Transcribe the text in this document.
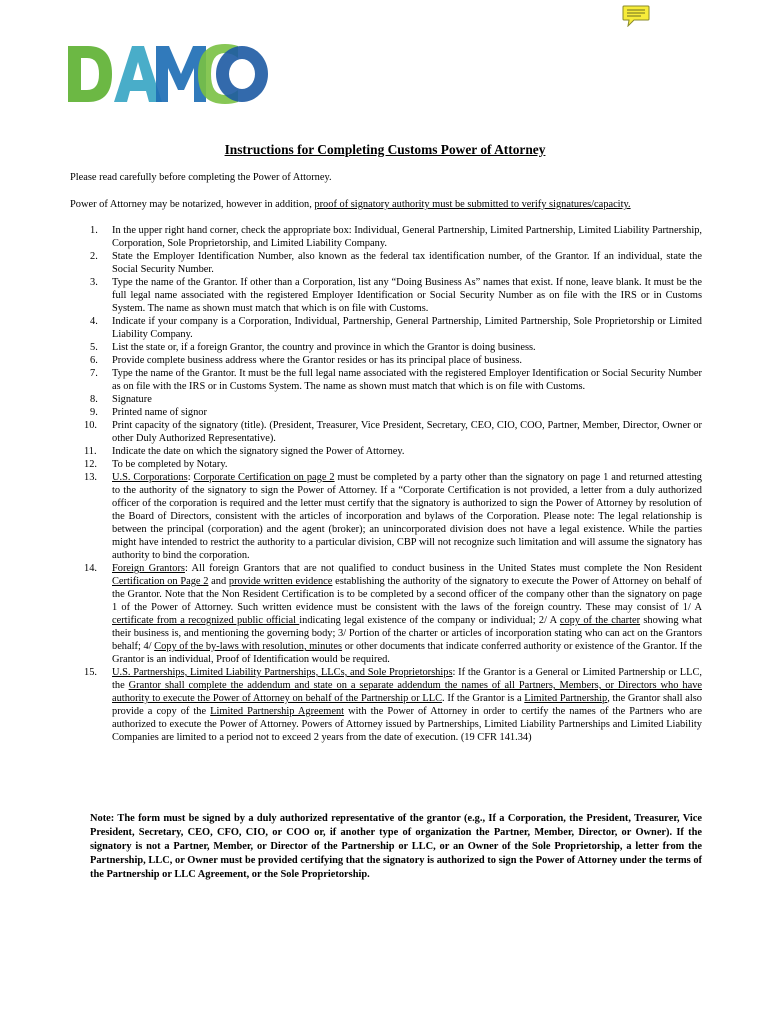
Instructions for Completing Customs Power of Attorney

Please read carefully before completing the Power of Attorney.

Power of Attorney may be notarized, however in addition, proof of signatory authority must be submitted to verify signatures/capacity.

1. In the upper right hand corner, check the appropriate box: Individual, General Partnership, Limited Partnership, Limited Liability Partnership, Corporation, Sole Proprietorship, and Limited Liability Company.
2. State the Employer Identification Number, also known as the federal tax identification number, of the Grantor. If an individual, state the Social Security Number.
3. Type the name of the Grantor. If other than a Corporation, list any “Doing Business As” names that exist. If none, leave blank. It must be the full legal name associated with the registered Employer Identification or Social Security Number as on file with the IRS or in Customs System. The name as shown must match that which is on file with Customs.
4. Indicate if your company is a Corporation, Individual, Partnership, General Partnership, Limited Partnership, Sole Proprietorship or Limited Liability Company.
5. List the state or, if a foreign Grantor, the country and province in which the Grantor is doing business.
6. Provide complete business address where the Grantor resides or has its principal place of business.
7. Type the name of the Grantor. It must be the full legal name associated with the registered Employer Identification or Social Security Number as on file with the IRS or in Customs System. The name as shown must match that which is on file with Customs.
8. Signature
9. Printed name of signor
10. Print capacity of the signatory (title). (President, Treasurer, Vice President, Secretary, CEO, CIO, COO, Partner, Member, Director, Owner or other Duly Authorized Representative).
11. Indicate the date on which the signatory signed the Power of Attorney.
12. To be completed by Notary.
13. U.S. Corporations: Corporate Certification on page 2 must be completed by a party other than the signatory on page 1 and returned attesting to the authority of the signatory to sign the Power of Attorney. If a “Corporate Certification is not provided, a letter from a duly authorized officer of the corporation is required and the letter must certify that the signatory is authorized to sign the Power of Attorney by resolution of the Board of Directors, consistent with the articles of incorporation and bylaws of the Corporation. Please note: The legal relationship is between the principal (corporation) and the agent (broker); an unincorporated division does not have a legal existence. While the parties might have intended to restrict the authority to a particular division, CBP will not recognize such limitation and will assume the signatory has authority to bind the corporation.
14. Foreign Grantors: All foreign Grantors that are not qualified to conduct business in the United States must complete the Non Resident Certification on Page 2 and provide written evidence establishing the authority of the signatory to execute the Power of Attorney on behalf of the Grantor. Note that the Non Resident Certification is to be completed by a second officer of the company other than the signatory on page 1 of the Power of Attorney. Such written evidence must be consistent with the laws of the foreign country. These may consist of 1/ A certificate from a recognized public official indicating legal existence of the company or individual; 2/ A copy of the charter showing what their business is, and mentioning the governing body; 3/ Portion of the charter or articles of incorporation stating who can act on the Grantors behalf; 4/ Copy of the by-laws with resolution, minutes or other documents that indicate conferred authority or existence of the Grantor. If the Grantor is an individual, Proof of Identification would be required.
15. U.S. Partnerships, Limited Liability Partnerships, LLCs, and Sole Proprietorships: If the Grantor is a General or Limited Partnership or LLC, the Grantor shall complete the addendum and state on a separate addendum the names of all Partners, Members, or Directors who have authority to execute the Power of Attorney on behalf of the Partnership or LLC. If the Grantor is a Limited Partnership, the Grantor shall also provide a copy of the Limited Partnership Agreement with the Power of Attorney in order to certify the names of the Partners who are authorized to execute the Power of Attorney. Powers of Attorney issued by Partnerships, Limited Liability Partnerships and Limited Liability Companies are limited to a period not to exceed 2 years from the date of execution. (19 CFR 141.34)

Note: The form must be signed by a duly authorized representative of the grantor (e.g., If a Corporation, the President, Treasurer, Vice President, Secretary, CEO, CFO, CIO, or COO or, if another type of organization the Partner, Member, Director, or Owner). If the signatory is not a Partner, Member, or Director of the Partnership or LLC, or an Owner of the Sole Proprietorship, a letter from the Partnership, LLC, or Owner must be provided certifying that the signatory is authorized to sign the Power of Attorney under the terms of the Partnership or LLC Agreement, or the Sole Proprietorship.
